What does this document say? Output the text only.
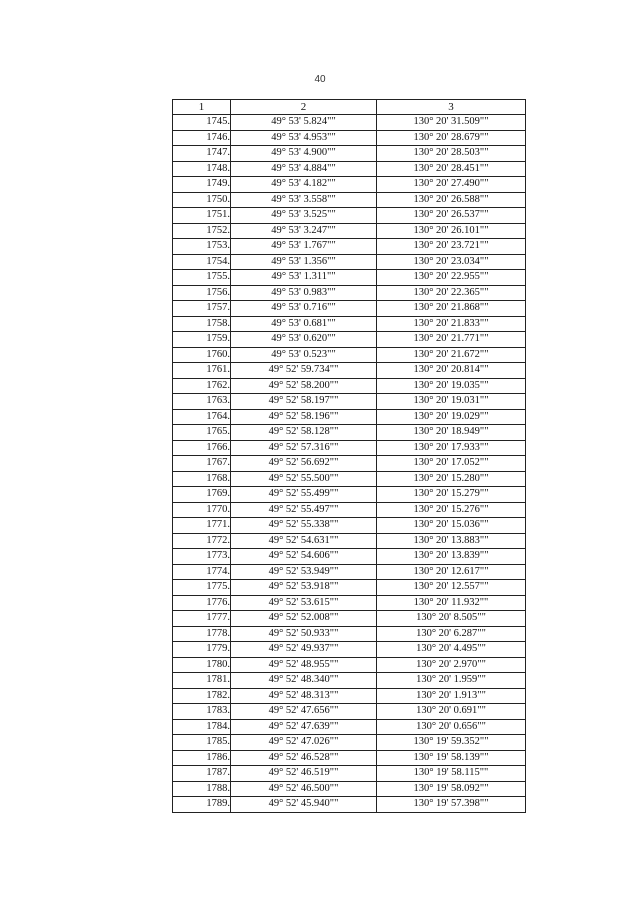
40
1	2	3
1745.	49° 53' 5.824""	130° 20' 31.509""
1746.	49° 53' 4.953""	130° 20' 28.679""
1747.	49° 53' 4.900""	130° 20' 28.503""
1748.	49° 53' 4.884""	130° 20' 28.451""
1749.	49° 53' 4.182""	130° 20' 27.490""
1750.	49° 53' 3.558""	130° 20' 26.588""
1751.	49° 53' 3.525""	130° 20' 26.537""
1752.	49° 53' 3.247""	130° 20' 26.101""
1753.	49° 53' 1.767""	130° 20' 23.721""
1754.	49° 53' 1.356""	130° 20' 23.034""
1755.	49° 53' 1.311""	130° 20' 22.955""
1756.	49° 53' 0.983""	130° 20' 22.365""
1757.	49° 53' 0.716""	130° 20' 21.868""
1758.	49° 53' 0.681""	130° 20' 21.833""
1759.	49° 53' 0.620""	130° 20' 21.771""
1760.	49° 53' 0.523""	130° 20' 21.672""
1761.	49° 52' 59.734""	130° 20' 20.814""
1762.	49° 52' 58.200""	130° 20' 19.035""
1763.	49° 52' 58.197""	130° 20' 19.031""
1764.	49° 52' 58.196""	130° 20' 19.029""
1765.	49° 52' 58.128""	130° 20' 18.949""
1766.	49° 52' 57.316""	130° 20' 17.933""
1767.	49° 52' 56.692""	130° 20' 17.052""
1768.	49° 52' 55.500""	130° 20' 15.280""
1769.	49° 52' 55.499""	130° 20' 15.279""
1770.	49° 52' 55.497""	130° 20' 15.276""
1771.	49° 52' 55.338""	130° 20' 15.036""
1772.	49° 52' 54.631""	130° 20' 13.883""
1773.	49° 52' 54.606""	130° 20' 13.839""
1774.	49° 52' 53.949""	130° 20' 12.617""
1775.	49° 52' 53.918""	130° 20' 12.557""
1776.	49° 52' 53.615""	130° 20' 11.932""
1777.	49° 52' 52.008""	130° 20' 8.505""
1778.	49° 52' 50.933""	130° 20' 6.287""
1779.	49° 52' 49.937""	130° 20' 4.495""
1780.	49° 52' 48.955""	130° 20' 2.970""
1781.	49° 52' 48.340""	130° 20' 1.959""
1782.	49° 52' 48.313""	130° 20' 1.913""
1783.	49° 52' 47.656""	130° 20' 0.691""
1784.	49° 52' 47.639""	130° 20' 0.656""
1785.	49° 52' 47.026""	130° 19' 59.352""
1786.	49° 52' 46.528""	130° 19' 58.139""
1787.	49° 52' 46.519""	130° 19' 58.115""
1788.	49° 52' 46.500""	130° 19' 58.092""
1789.	49° 52' 45.940""	130° 19' 57.398""
